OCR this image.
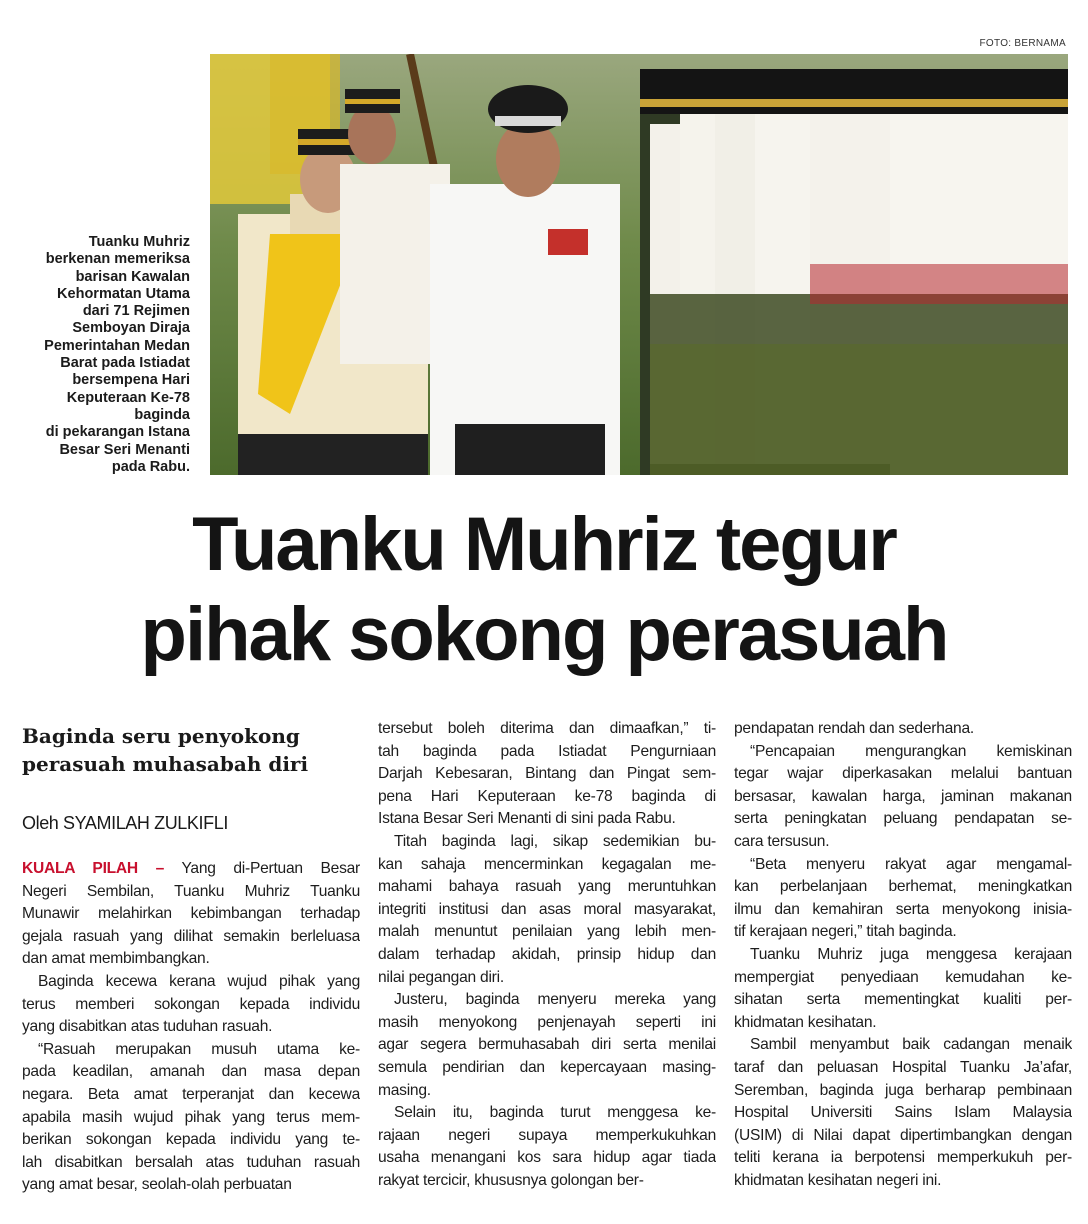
FOTO: BERNAMA
Tuanku Muhriz
berkenan memeriksa
barisan Kawalan
Kehormatan Utama
dari 71 Rejimen
Semboyan Diraja
Pemerintahan Medan
Barat pada Istiadat
bersempena Hari
Keputeraan Ke-78
baginda
di pekarangan Istana
Besar Seri Menanti
pada Rabu.
Tuanku Muhriz tegur
pihak sokong perasuah
Baginda seru penyokong
perasuah muhasabah diri
Oleh SYAMILAH ZULKIFLI
KUALA PILAH – Yang di-Pertuan Besar
Negeri Sembilan, Tuanku Muhriz Tuanku
Munawir melahirkan kebimbangan terhadap
gejala rasuah yang dilihat semakin berleluasa
dan amat membimbangkan.
Baginda kecewa kerana wujud pihak yang
terus memberi sokongan kepada individu
yang disabitkan atas tuduhan rasuah.
“Rasuah merupakan musuh utama ke-
pada keadilan, amanah dan masa depan
negara. Beta amat terperanjat dan kecewa
apabila masih wujud pihak yang terus mem-
berikan sokongan kepada individu yang te-
lah disabitkan bersalah atas tuduhan rasuah
yang amat besar, seolah-olah perbuatan
tersebut boleh diterima dan dimaafkan,” ti-
tah baginda pada Istiadat Pengurniaan
Darjah Kebesaran, Bintang dan Pingat sem-
pena Hari Keputeraan ke-78 baginda di
Istana Besar Seri Menanti di sini pada Rabu.
Titah baginda lagi, sikap sedemikian bu-
kan sahaja mencerminkan kegagalan me-
mahami bahaya rasuah yang meruntuhkan
integriti institusi dan asas moral masyarakat,
malah menuntut penilaian yang lebih men-
dalam terhadap akidah, prinsip hidup dan
nilai pegangan diri.
Justeru, baginda menyeru mereka yang
masih menyokong penjenayah seperti ini
agar segera bermuhasabah diri serta menilai
semula pendirian dan kepercayaan masing-
masing.
Selain itu, baginda turut menggesa ke-
rajaan negeri supaya memperkukuhkan
usaha menangani kos sara hidup agar tiada
rakyat tercicir, khususnya golongan ber-
pendapatan rendah dan sederhana.
“Pencapaian mengurangkan kemiskinan
tegar wajar diperkasakan melalui bantuan
bersasar, kawalan harga, jaminan makanan
serta peningkatan peluang pendapatan se-
cara tersusun.
“Beta menyeru rakyat agar mengamal-
kan perbelanjaan berhemat, meningkatkan
ilmu dan kemahiran serta menyokong inisia-
tif kerajaan negeri,” titah baginda.
Tuanku Muhriz juga menggesa kerajaan
mempergiat penyediaan kemudahan ke-
sihatan serta mementingkat kualiti per-
khidmatan kesihatan.
Sambil menyambut baik cadangan menaik
taraf dan peluasan Hospital Tuanku Ja’afar,
Seremban, baginda juga berharap pembinaan
Hospital Universiti Sains Islam Malaysia
(USIM) di Nilai dapat dipertimbangkan dengan
teliti kerana ia berpotensi memperkukuh per-
khidmatan kesihatan negeri ini.
